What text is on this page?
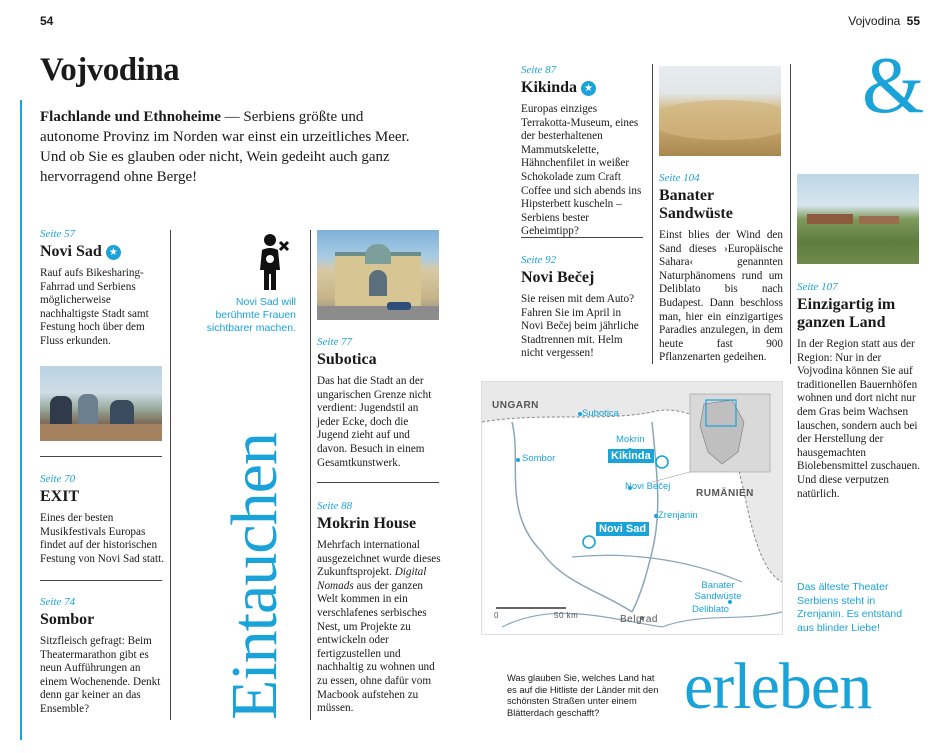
54	Vojvodina 55
Vojvodina
Flachlande und Ethnoheime — Serbiens größte und autonome Provinz im Norden war einst ein urzeitliches Meer. Und ob Sie es glauben oder nicht, Wein gedeiht auch ganz hervorragend ohne Berge!
&
erleben
Eintauchen
Seite 57
Novi Sad ★
Rauf aufs Bikesharing-Fahrrad und Serbiens möglicherweise nachhaltigste Stadt samt Festung hoch über dem Fluss erkunden.
Seite 70
EXIT
Eines der besten Musikfestivals Europas findet auf der historischen Festung von Novi Sad statt.
Seite 74
Sombor
Sitzfleisch gefragt: Beim Theatermarathon gibt es neun Aufführungen an einem Wochenende. Denkt denn gar keiner an das Ensemble?
Novi Sad will berühmte Frauen sichtbarer machen.
Seite 77
Subotica
Das hat die Stadt an der ungarischen Grenze nicht verdient: Jugendstil an jeder Ecke, doch die Jugend zieht auf und davon. Besuch in einem Gesamtkunstwerk.
Seite 88
Mokrin House
Mehrfach international ausgezeichnet wurde dieses Zukunftsprojekt. Digital Nomads aus der ganzen Welt kommen in ein verschlafenes serbisches Nest, um Projekte zu entwickeln oder fertigzustellen und nachhaltig zu wohnen und zu essen, ohne dafür vom Macbook aufstehen zu müssen.
Seite 87
Kikinda ★
Europas einziges Terrakotta-Museum, eines der besterhaltenen Mammutskelette, Hähnchenfilet in weißer Schokolade zum Craft Coffee und sich abends ins Hipsterbett kuscheln – Serbiens bester Geheimtipp?
Seite 92
Novi Bečej
Sie reisen mit dem Auto? Fahren Sie im April in Novi Bečej beim jährliche Stadtrennen mit. Helm nicht vergessen!
Seite 104
Banater Sandwüste
Einst blies der Wind den Sand dieses ›Europäische Sahara‹ genannten Naturphänomens rund um Deliblato bis nach Budapest. Dann beschloss man, hier ein einzigartiges Paradies anzulegen, in dem heute fast 900 Pflanzenarten gedeihen.
Seite 107
Einzigartig im ganzen Land
In der Region statt aus der Region: Nur in der Vojvodina können Sie auf traditionellen Bauernhöfen wohnen und dort nicht nur dem Gras beim Wachsen lauschen, sondern auch bei der Herstellung der hausgemachten Biolebensmittel zuschauen. Und diese verputzen natürlich.
Das älteste Theater Serbiens steht in Zrenjanin. Es entstand aus blinder Liebe!
UNGARN
RUMÄNIEN
Subotica
Sombor
Mokrin
Kikinda
Novi Bečej
Zrenjanin
Novi Sad
Banater Sandwüste
Deliblato
Belgrad
0	50 km
Was glauben Sie, welches Land hat es auf die Hitliste der Länder mit den schönsten Straßen unter einem Blätterdach geschafft?
